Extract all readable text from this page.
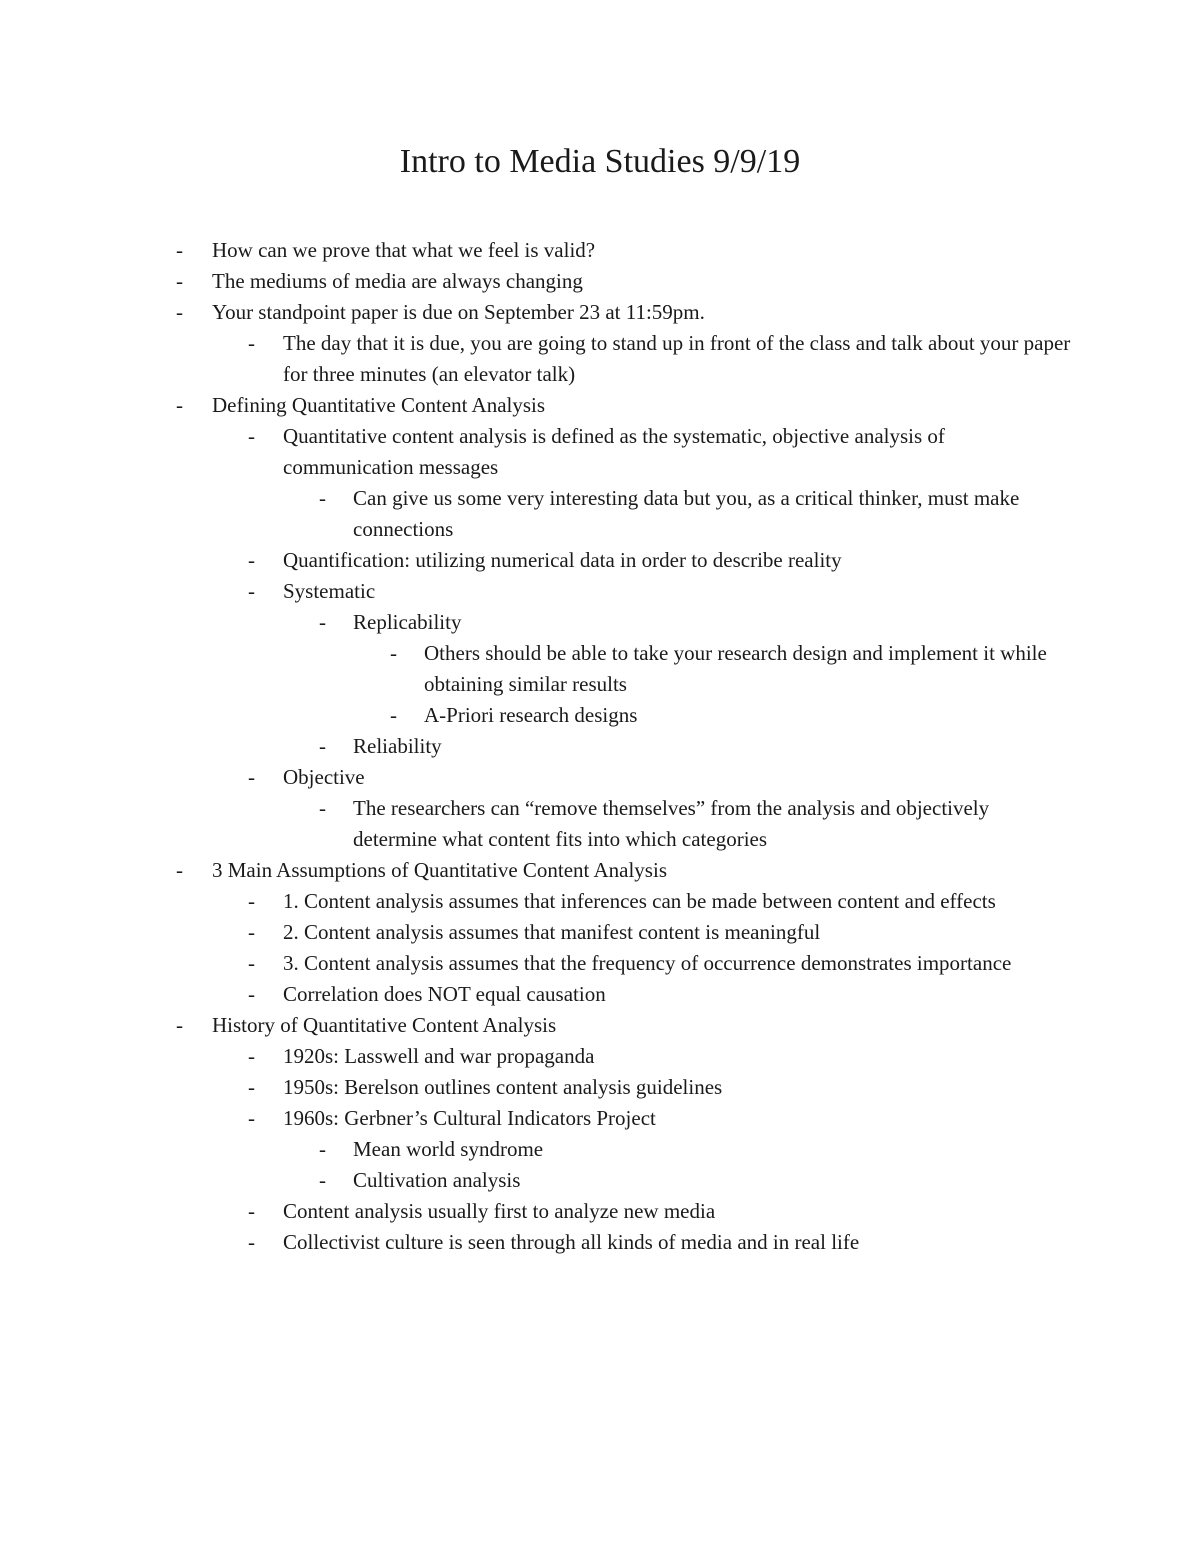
Intro to Media Studies 9/9/19
- How can we prove that what we feel is valid?
- The mediums of media are always changing
- Your standpoint paper is due on September 23 at 11:59pm.
- The day that it is due, you are going to stand up in front of the class and talk about your paper for three minutes (an elevator talk)
- Defining Quantitative Content Analysis
- Quantitative content analysis is defined as the systematic, objective analysis of communication messages
- Can give us some very interesting data but you, as a critical thinker, must make connections
- Quantification: utilizing numerical data in order to describe reality
- Systematic
- Replicability
- Others should be able to take your research design and implement it while obtaining similar results
- A-Priori research designs
- Reliability
- Objective
- The researchers can “remove themselves” from the analysis and objectively determine what content fits into which categories
- 3 Main Assumptions of Quantitative Content Analysis
- 1. Content analysis assumes that inferences can be made between content and effects
- 2. Content analysis assumes that manifest content is meaningful
- 3. Content analysis assumes that the frequency of occurrence demonstrates importance
- Correlation does NOT equal causation
- History of Quantitative Content Analysis
- 1920s: Lasswell and war propaganda
- 1950s: Berelson outlines content analysis guidelines
- 1960s: Gerbner’s Cultural Indicators Project
- Mean world syndrome
- Cultivation analysis
- Content analysis usually first to analyze new media
- Collectivist culture is seen through all kinds of media and in real life
